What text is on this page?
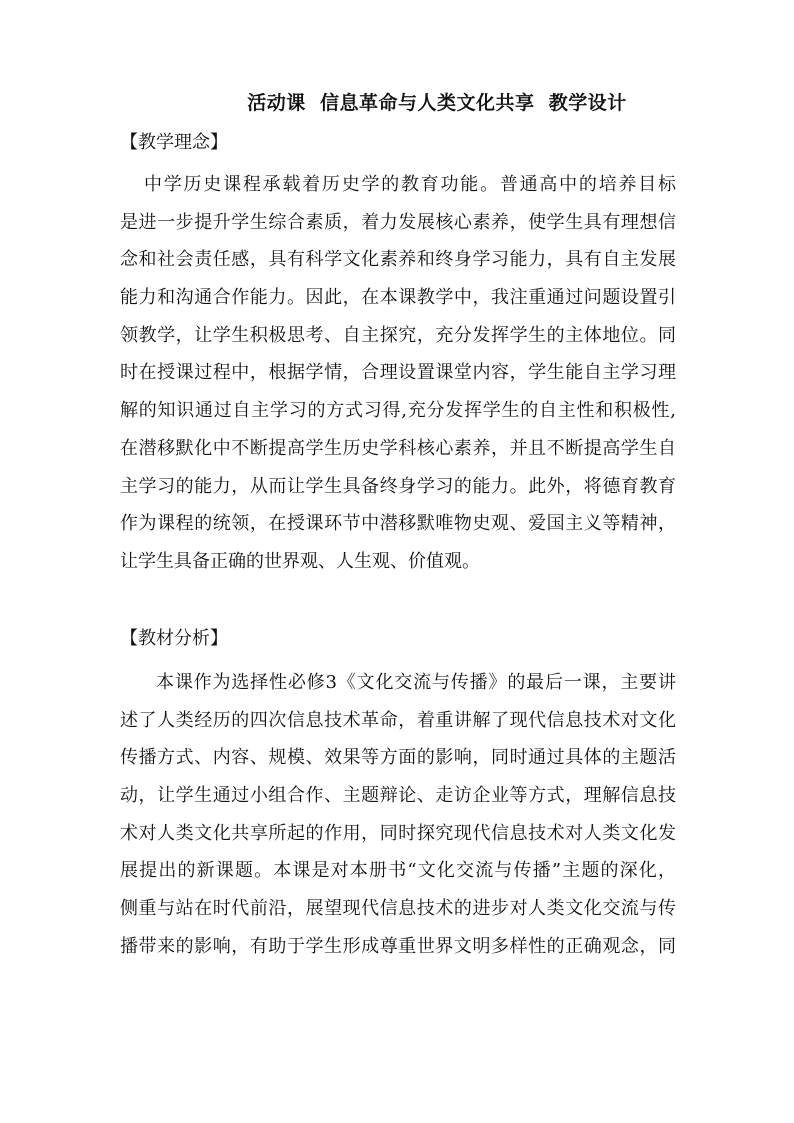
活动课  信息革命与人类文化共享  教学设计
【教学理念】
中学历史课程承载着历史学的教育功能。普通高中的培养目标
是进一步提升学生综合素质，着力发展核心素养，使学生具有理想信
念和社会责任感，具有科学文化素养和终身学习能力，具有自主发展
能力和沟通合作能力。因此，在本课教学中，我注重通过问题设置引
领教学，让学生积极思考、自主探究，充分发挥学生的主体地位。同
时在授课过程中，根据学情，合理设置课堂内容，学生能自主学习理
解的知识通过自主学习的方式习得,充分发挥学生的自主性和积极性,
在潜移默化中不断提高学生历史学科核心素养，并且不断提高学生自
主学习的能力，从而让学生具备终身学习的能力。此外，将德育教育
作为课程的统领，在授课环节中潜移默唯物史观、爱国主义等精神，
让学生具备正确的世界观、人生观、价值观。
【教材分析】
本课作为选择性必修3《文化交流与传播》的最后一课，主要讲
述了人类经历的四次信息技术革命，着重讲解了现代信息技术对文化
传播方式、内容、规模、效果等方面的影响，同时通过具体的主题活
动，让学生通过小组合作、主题辩论、走访企业等方式，理解信息技
术对人类文化共享所起的作用，同时探究现代信息技术对人类文化发
展提出的新课题。本课是对本册书“文化交流与传播”主题的深化，
侧重与站在时代前沿，展望现代信息技术的进步对人类文化交流与传
播带来的影响，有助于学生形成尊重世界文明多样性的正确观念，同
